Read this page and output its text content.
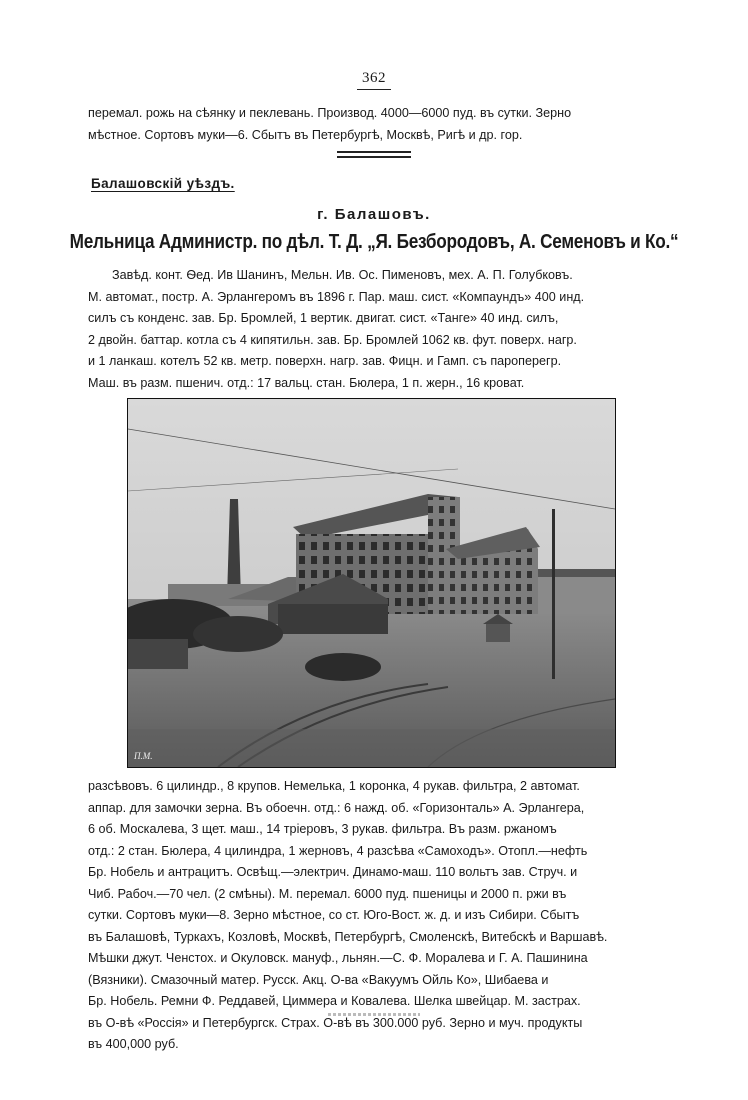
362
перемал. рожь на сѣянку и пеклевань. Производ. 4000—6000 пуд. въ сутки. Зерно
мѣстное. Сортовъ муки—6. Сбытъ въ Петербургѣ, Москвѣ, Ригѣ и др. гор.
Балашовскій уѣздъ.
г. Балашовъ.
Мельница Администр. по дѣл. Т. Д. „Я. Безбородовъ, А. Семеновъ и Ко.“
Завѣд. конт. Ѳед. Ив Шанинъ, Мельн. Ив. Ос. Пименовъ, мех. А. П. Голубковъ.
М. автомат., постр. А. Эрлангеромъ въ 1896 г. Пар. маш. сист. «Компаундъ» 400 инд.
силъ съ конденс. зав. Бр. Бромлей, 1 вертик. двигат. сист. «Танге» 40 инд. силъ,
2 двойн. баттар. котла съ 4 кипятильн. зав. Бр. Бромлей 1062 кв. фут. поверх. нагр.
и 1 ланкаш. котелъ 52 кв. метр. поверхн. нагр. зав. Фицн. и Гамп. съ пароперегр.
Маш. въ разм. пшенич. отд.: 17 вальц. стан. Бюлера, 1 п. жерн., 16 кроват.
П.М.
разсѣвовъ. 6 цилиндр., 8 крупов. Немелька, 1 коронка, 4 рукав. фильтра, 2 автомат.
аппар. для замочки зерна. Въ обоечн. отд.: 6 нажд. об. «Горизонталь» А. Эрлангера,
6 об. Москалева, 3 щет. маш., 14 тріеровъ, 3 рукав. фильтра. Въ разм. ржаномъ
отд.: 2 стан. Бюлера, 4 цилиндра, 1 жерновъ, 4 разсѣва «Самоходъ». Отопл.—нефть
Бр. Нобель и антрацитъ. Освѣщ.—электрич. Динамо-маш. 110 вольтъ зав. Струч. и
Чиб. Рабоч.—70 чел. (2 смѣны). М. перемал. 6000 пуд. пшеницы и 2000 п. ржи въ
сутки. Сортовъ муки—8. Зерно мѣстное, со ст. Юго-Вост. ж. д. и изъ Сибири. Сбытъ
въ Балашовѣ, Туркахъ, Козловѣ, Москвѣ, Петербургѣ, Смоленскѣ, Витебскѣ и Варшавѣ.
Мѣшки джут. Ченстох. и Окуловск. мануф., льнян.—С. Ф. Моралева и Г. А. Пашинина
(Вязники). Смазочный матер. Русск. Акц. О-ва «Вакуумъ Ойль Ко», Шибаева и
Бр. Нобель. Ремни Ф. Реддавей, Циммера и Ковалева. Шелка швейцар. М. застрах.
въ О-вѣ «Россія» и Петербургск. Страх. О-вѣ въ 300.000 руб. Зерно и муч. продукты
въ 400,000 руб.
